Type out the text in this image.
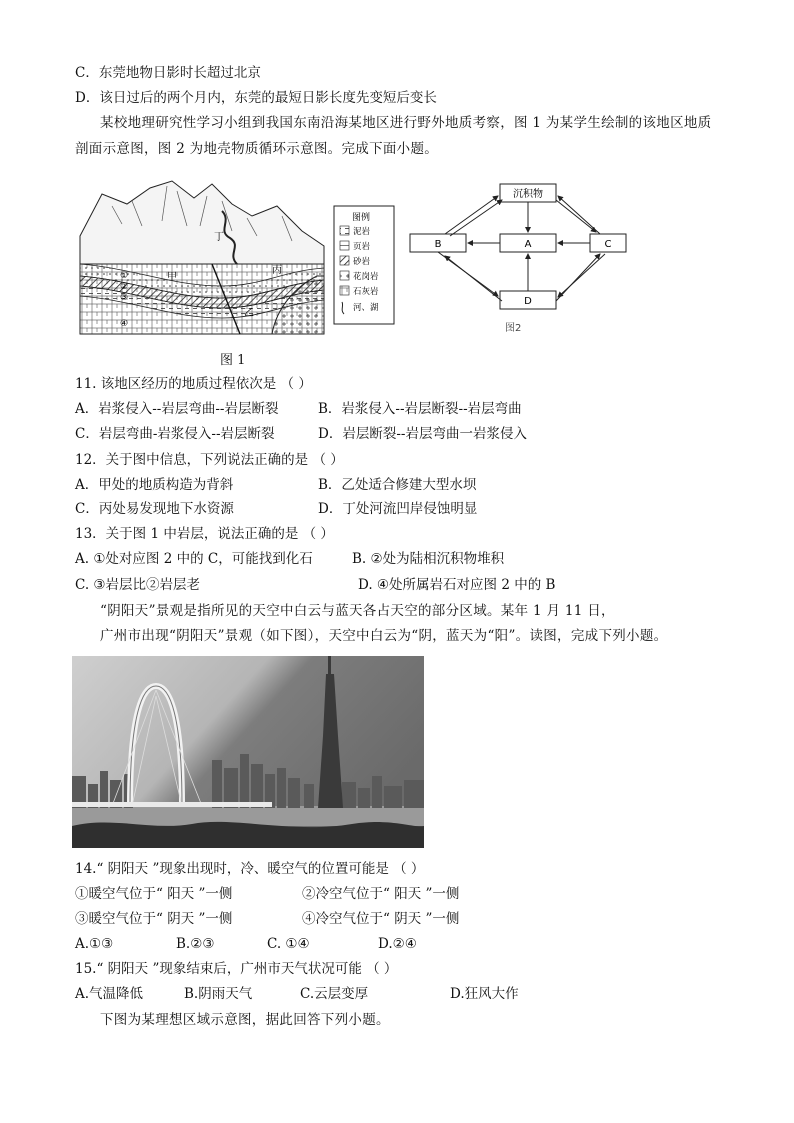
C．东莞地物日影时长超过北京
D．该日过后的两个月内，东莞的最短日影长度先变短后变长
某校地理研究性学习小组到我国东南沿海某地区进行野外地质考察，图 1 为某学生绘制的该地区地质
剖面示意图，图 2 为地壳物质循环示意图。完成下面小题。
丁
甲
丙
乙
①
②
③
④
图例
泥岩
页岩
砂岩
花岗岩
石灰岩
河、湖
图 1
沉积物
B	A	C
D
图2
11. 该地区经历的地质过程依次是 （ ）
A．岩浆侵入--岩层弯曲--岩层断裂	B．岩浆侵入--岩层断裂--岩层弯曲
C．岩层弯曲-岩浆侵入--岩层断裂	D．岩层断裂--岩层弯曲一岩浆侵入
12．关于图中信息，下列说法正确的是 （ ）
A．甲处的地质构造为背斜	B．乙处适合修建大型水坝
C．丙处易发现地下水资源	D．丁处河流凹岸侵蚀明显
13．关于图 1 中岩层，说法正确的是 （ ）
A. ①处对应图 2 中的 C，可能找到化石	B. ②处为陆相沉积物堆积
C. ③岩层比②岩层老	D. ④处所属岩石对应图 2 中的 B
“阴阳天”景观是指所见的天空中白云与蓝天各占天空的部分区域。某年 1 月 11 日，
广州市出现“阴阳天”景观（如下图），天空中白云为“阴，蓝天为“阳”。读图，完成下列小题。
14.“ 阴阳天 ”现象出现时，冷、暖空气的位置可能是 （ ）
①暖空气位于“ 阳天 ”一侧	②冷空气位于“ 阳天 ”一侧
③暖空气位于“ 阴天 ”一侧	④冷空气位于“ 阴天 ”一侧
A.①③	B.②③	C. ①④	D.②④
15.“ 阴阳天 ”现象结束后，广州市天气状况可能 （ ）
A.气温降低	B.阴雨天气	C.云层变厚	D.狂风大作
下图为某理想区域示意图，据此回答下列小题。
